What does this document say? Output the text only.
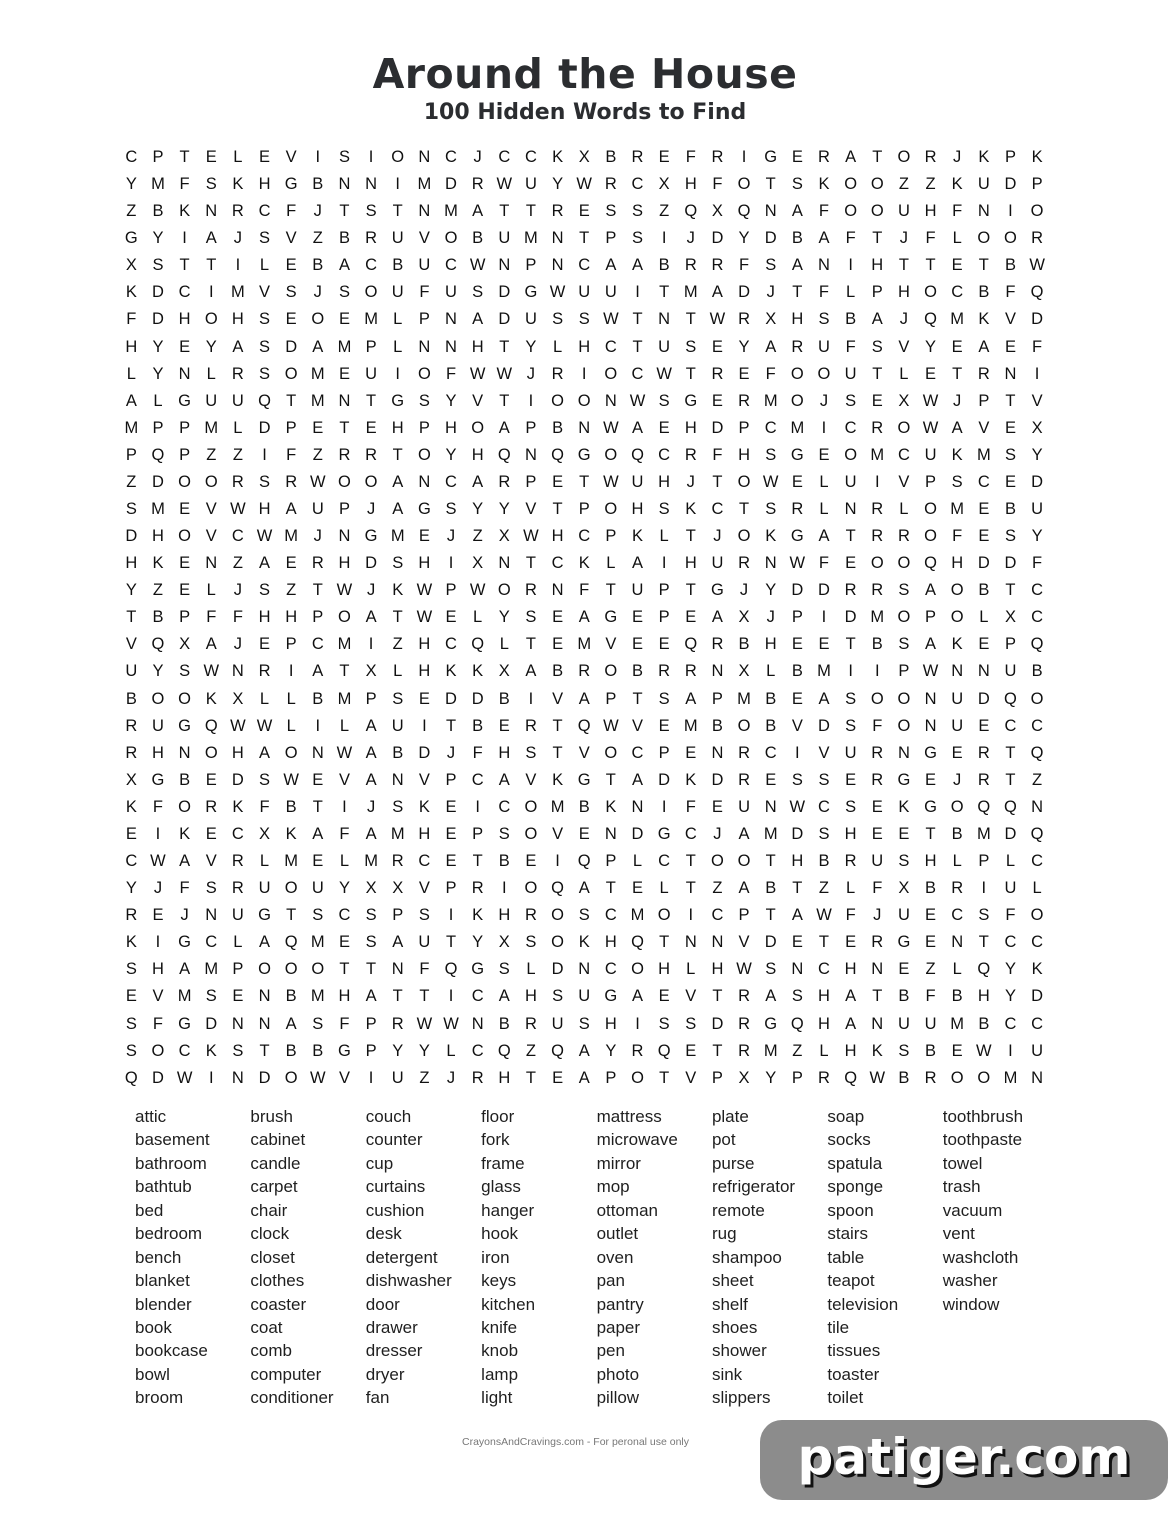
Around the House
100 Hidden Words to Find
C P T E	L	E V	I	S	I	O N C	J	C C K X B R E F R	I	G E R A T O R	J	K P K
Y M F S K H G B N N	I	M D R W U Y W R C X H F O T S K O O Z	Z K U D P
Z B K N R C F	J	T S T N M A T	T R E S S Z Q X Q N A F O O U H F N	I	O
G Y	I	A	J	S V Z B R U V O B U M N T P S	I	J	D Y D B A F	T	J	F	L O O R
X S T	T	I	L	E B A C B U C W N P N C A A B R R F S A N	I	H T	T E T B W
K D C	I	M V S	J	S O U F U S D G W U U	I	T M A D	J	T	F	L	P H O C B F Q
F D H O H S E O E M L	P N A D U S S W T N T W R X H S B A	J Q M K V D
H Y E Y A S D A M P	L N N H T Y	L H C T U S E Y A R U F S V Y E A E F
L	Y N L R S O M E U	I	O F W W J	R	I	O C W T R E F O O U T	L	E T R N	I
A	L G U U Q T M N T G S Y V T	I	O O N W S G E R M O J	S E X W J	P T V
M P P M L D P E T E H P H O A P B N W A E H D P C M	I	C R O W A V E X
P Q P Z	Z	I	F	Z R R T O Y H Q N Q G O Q C R F H S G E O M C U K M S Y
Z D O O R S R W O O A N C A R P E T W U H	J	T O W E	L U	I	V P S C E D
S M E V W H A U P	J	A G S Y Y V T P O H S K C T S R L N R L O M E B U
D H O V C W M J	N G M E	J	Z X W H C P K	L	T	J O K G A T R R O F E S Y
H K E N Z A E R H D S H	I	X N T C K	L	A	I	H U R N W F E O O Q H D D F
Y Z E	L	J	S Z	T W J	K W P W O R N F	T U P T G J	Y D D R R S A O B T C
T B P F	F H H P O A T W E	L	Y S E A G E P E A X	J	P	I	D M O P O L	X C
V Q X A	J	E P C M	I	Z H C Q L	T E M V E E Q R B H E E T B S A K E P Q
U Y S W N R	I	A T X	L H K K X A B R O B R R N X	L	B M	I	I	P W N N U B
B O O K X	L	L	B M P S E D D B	I	V A P T S A P M B E A S O O N U D Q O
R U G Q W W L	I	L	A U	I	T B E R T Q W V E M B O B V D S F O N U E C C
R H N O H A O N W A B D	J	F H S T V O C P E N R C	I	V U R N G E R T Q
X G B E D S W E V A N V P C A V K G T A D K D R E S S E R G E	J	R T	Z
K F O R K F B T	I	J	S K E	I	C O M B K N	I	F E U N W C S E K G O Q Q N
E	I	K E C X K A F A M H E P S O V E N D G C	J	A M D S H E E T B M D Q
C W A V R L M E	L M R C E T B E	I	Q P	L C T O O T H B R U S H L	P	L C
Y	J	F S R U O U Y X X V P R	I	O Q A T E	L	T	Z A B T	Z	L	F X B R	I	U L
R E	J	N U G T S C S P S	I	K H R O S C M O	I	C P T A W F	J	U E C S F O
K	I	G C L	A Q M E S A U T Y X S O K H Q T N N V D E T E R G E N T C C
S H A M P O O O T	T N F Q G S	L D N C O H L H W S N C H N E Z	L Q Y K
E V M S E N B M H A T	T	I	C A H S U G A E V T R A S H A T B F B H Y D
S F G D N N A S F P R W W N B R U S H	I	S S D R G Q H A N U U M B C C
S O C K S T B B G P Y Y	L C Q Z Q A Y R Q E T R M Z	L H K S B E W	I	U
Q D W	I	N D O W V	I	U Z	J	R H T E A P O T V P X Y P R Q W B R O O M N
attic
basement
bathroom
bathtub
bed
bedroom
bench
blanket
blender
book
bookcase
bowl
broom
brush
cabinet
candle
carpet
chair
clock
closet
clothes
coaster
coat
comb
computer
conditioner
couch
counter
cup
curtains
cushion
desk
detergent
dishwasher
door
drawer
dresser
dryer
fan
floor
fork
frame
glass
hanger
hook
iron
keys
kitchen
knife
knob
lamp
light
mattress
microwave
mirror
mop
ottoman
outlet
oven
pan
pantry
paper
pen
photo
pillow
plate
pot
purse
refrigerator
remote
rug
shampoo
sheet
shelf
shoes
shower
sink
slippers
soap
socks
spatula
sponge
spoon
stairs
table
teapot
television
tile
tissues
toaster
toilet
toothbrush
toothpaste
towel
trash
vacuum
vent
washcloth
washer
window
CrayonsAndCravings.com - For peronal use only	patiger.com
